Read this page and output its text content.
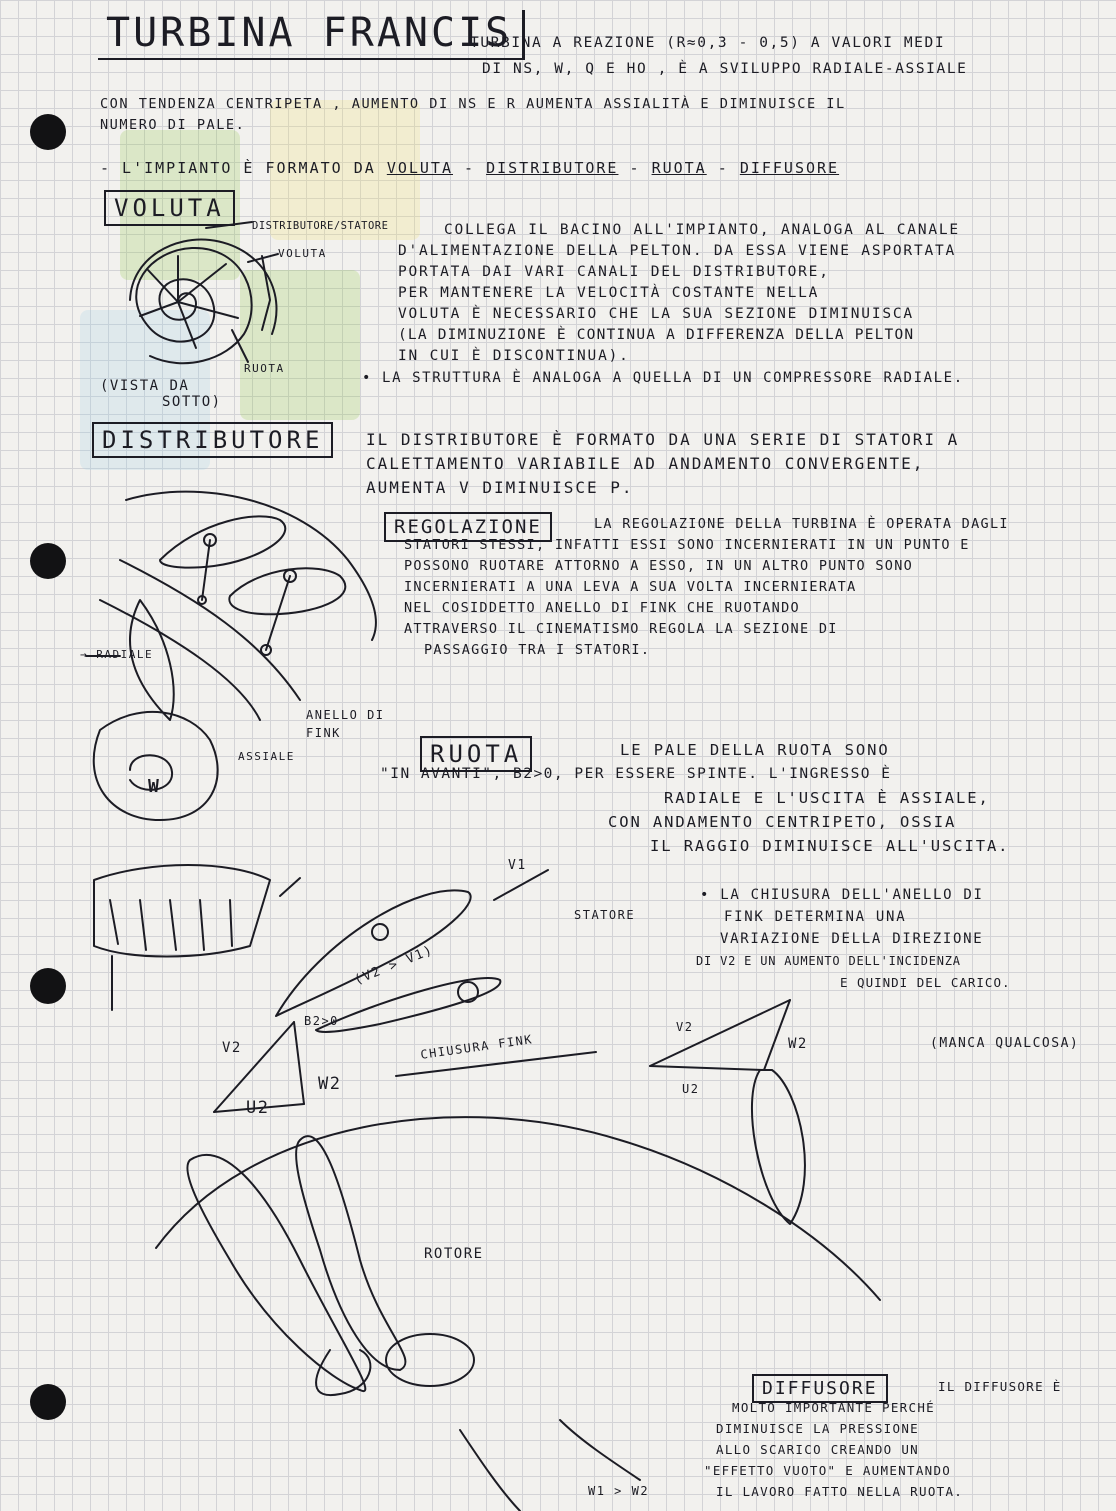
TURBINA FRANCIS
TURBINA A REAZIONE (R≈0,3 - 0,5) A VALORI MEDI
DI NS, W, Q E HO , È A SVILUPPO RADIALE-ASSIALE
CON TENDENZA CENTRIPETA , AUMENTO DI NS E R AUMENTA ASSIALITÀ E DIMINUISCE IL
NUMERO DI PALE.
- L'IMPIANTO È FORMATO DA VOLUTA - DISTRIBUTORE - RUOTA - DIFFUSORE
VOLUTA
DISTRIBUTORE/STATORE
VOLUTA
RUOTA
(VISTA DA
SOTTO)
COLLEGA IL BACINO ALL'IMPIANTO, ANALOGA AL CANALE
D'ALIMENTAZIONE DELLA PELTON. DA ESSA VIENE ASPORTATA
PORTATA DAI VARI CANALI DEL DISTRIBUTORE,
PER MANTENERE LA VELOCITÀ COSTANTE NELLA
VOLUTA È NECESSARIO CHE LA SUA SEZIONE DIMINUISCA
(LA DIMINUZIONE È CONTINUA A DIFFERENZA DELLA PELTON
IN CUI È DISCONTINUA).
• LA STRUTTURA È ANALOGA A QUELLA DI UN COMPRESSORE RADIALE.
DISTRIBUTORE	IL DISTRIBUTORE È FORMATO DA UNA SERIE DI STATORI A
CALETTAMENTO VARIABILE AD ANDAMENTO CONVERGENTE,
AUMENTA V DIMINUISCE P.
REGOLAZIONE	LA REGOLAZIONE DELLA TURBINA È OPERATA DAGLI
STATORI STESSI, INFATTI ESSI SONO INCERNIERATI IN UN PUNTO E
POSSONO RUOTARE ATTORNO A ESSO, IN UN ALTRO PUNTO SONO
INCERNIERATI A UNA LEVA A SUA VOLTA INCERNIERATA
NEL COSIDDETTO ANELLO DI FINK CHE RUOTANDO
ATTRAVERSO IL CINEMATISMO REGOLA LA SEZIONE DI
PASSAGGIO TRA I STATORI.
→ RADIALE
ANELLO DI FINK
ASSIALE
W
RUOTA	LE PALE DELLA RUOTA SONO
"IN AVANTI", Β2>0, PER ESSERE SPINTE. L'INGRESSO È
RADIALE E L'USCITA È ASSIALE,
CON ANDAMENTO CENTRIPETO, OSSIA
IL RAGGIO DIMINUISCE ALL'USCITA.
• LA CHIUSURA DELL'ANELLO DI
FINK DETERMINA UNA
VARIAZIONE DELLA DIREZIONE
DI V2 E UN AUMENTO DELL'INCIDENZA
E QUINDI DEL CARICO.
(MANCA QUALCOSA)
V1
STATORE
(V2 > V1)
Β2>0
V2
U2
W2
CHIUSURA FINK
V2
W2
U2
ROTORE
W1 > W2
DIFFUSORE	IL DIFFUSORE È
MOLTO IMPORTANTE PERCHÉ
DIMINUISCE LA PRESSIONE
ALLO SCARICO CREANDO UN
"EFFETTO VUOTO" E AUMENTANDO
IL LAVORO FATTO NELLA RUOTA.
